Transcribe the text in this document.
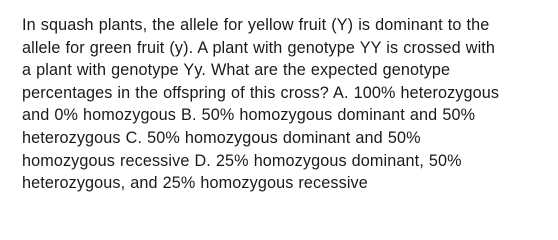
In squash plants, the allele for yellow fruit (Y) is dominant to the
allele for green fruit (y). A plant with genotype YY is crossed with
a plant with genotype Yy. What are the expected genotype
percentages in the offspring of this cross? A. 100% heterozygous
and 0% homozygous B. 50% homozygous dominant and 50%
heterozygous C. 50% homozygous dominant and 50%
homozygous recessive D. 25% homozygous dominant, 50%
heterozygous, and 25% homozygous recessive
